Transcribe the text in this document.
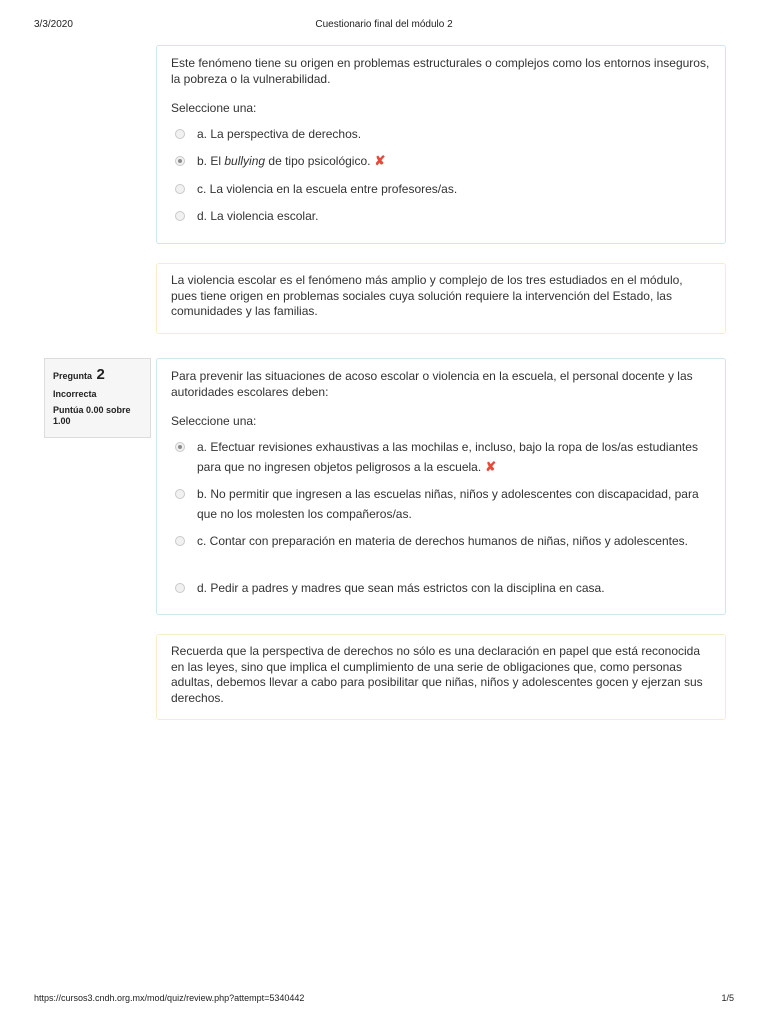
3/3/2020	Cuestionario final del módulo 2
Este fenómeno tiene su origen en problemas estructurales o complejos como los entornos inseguros, la pobreza o la vulnerabilidad.
Seleccione una:
a. La perspectiva de derechos.
b. El bullying de tipo psicológico. ✘
c. La violencia en la escuela entre profesores/as.
d. La violencia escolar.
La violencia escolar es el fenómeno más amplio y complejo de los tres estudiados en el módulo, pues tiene origen en problemas sociales cuya solución requiere la intervención del Estado, las comunidades y las familias.
Pregunta 2
Incorrecta
Puntúa 0.00 sobre 1.00
Para prevenir las situaciones de acoso escolar o violencia en la escuela, el personal docente y las autoridades escolares deben:
Seleccione una:
a. Efectuar revisiones exhaustivas a las mochilas e, incluso, bajo la ropa de los/as estudiantes para que no ingresen objetos peligrosos a la escuela. ✘
b. No permitir que ingresen a las escuelas niñas, niños y adolescentes con discapacidad, para que no los molesten los compañeros/as.
c. Contar con preparación en materia de derechos humanos de niñas, niños y adolescentes.
d. Pedir a padres y madres que sean más estrictos con la disciplina en casa.
Recuerda que la perspectiva de derechos no sólo es una declaración en papel que está reconocida en las leyes, sino que implica el cumplimiento de una serie de obligaciones que, como personas adultas, debemos llevar a cabo para posibilitar que niñas, niños y adolescentes gocen y ejerzan sus derechos.
https://cursos3.cndh.org.mx/mod/quiz/review.php?attempt=5340442	1/5
